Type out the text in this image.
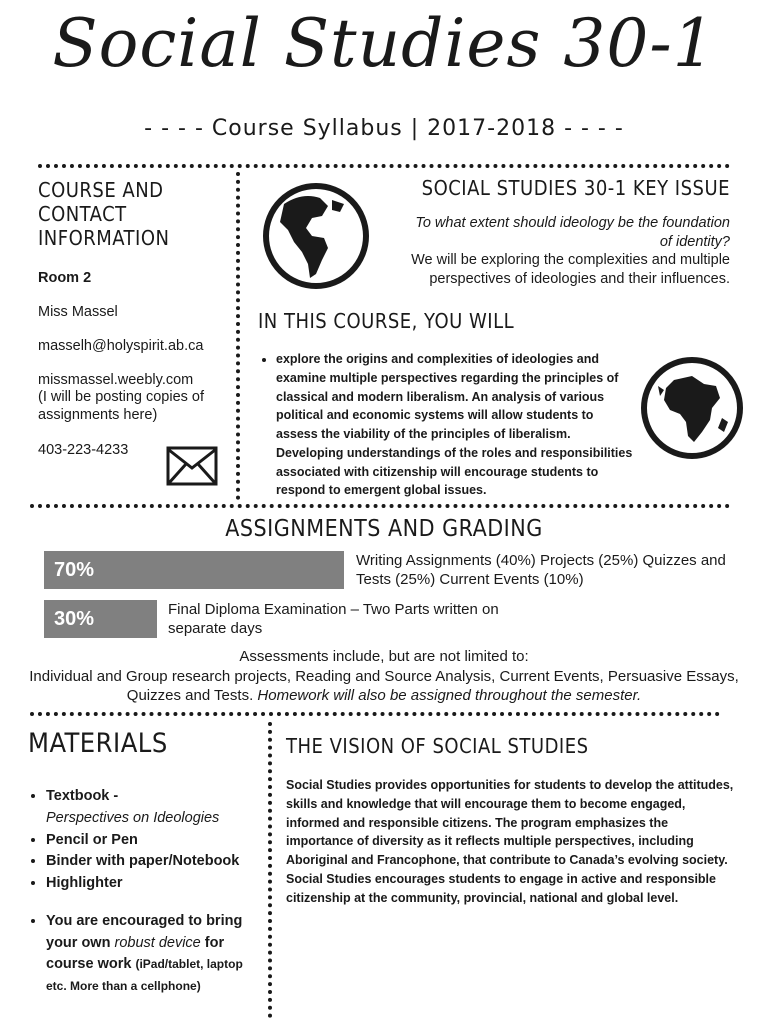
Social Studies 30-1
- - - - Course Syllabus | 2017-2018 - - - -
COURSE AND CONTACT INFORMATION
Room 2
Miss Massel
masselh@holyspirit.ab.ca
missmassel.weebly.com
(I will be posting copies of assignments here)
403-223-4233
SOCIAL STUDIES 30-1 KEY ISSUE
To what extent should ideology be the foundation of identity?
We will be exploring the complexities and multiple perspectives of ideologies and their influences.
IN THIS COURSE, YOU WILL
• explore the origins and complexities of ideologies and examine multiple perspectives regarding the principles of classical and modern liberalism. An analysis of various political and economic systems will allow students to assess the viability of the principles of liberalism. Developing understandings of the roles and responsibilities associated with citizenship will encourage students to respond to emergent global issues.
ASSIGNMENTS AND GRADING
70%	Writing Assignments (40%) Projects (25%) Quizzes and Tests (25%) Current Events (10%)
30%	Final Diploma Examination – Two Parts written on separate days
Assessments include, but are not limited to:
Individual and Group research projects, Reading and Source Analysis, Current Events, Persuasive Essays, Quizzes and Tests. Homework will also be assigned throughout the semester.
MATERIALS
• Textbook -
Perspectives on Ideologies
• Pencil or Pen
• Binder with paper/Notebook
• Highlighter
• You are encouraged to bring your own robust device for course work (iPad/tablet, laptop etc. More than a cellphone)
THE VISION OF SOCIAL STUDIES
Social Studies provides opportunities for students to develop the attitudes, skills and knowledge that will encourage them to become engaged, informed and responsible citizens. The program emphasizes the importance of diversity as it reflects multiple perspectives, including Aboriginal and Francophone, that contribute to Canada’s evolving society. Social Studies encourages students to engage in active and responsible citizenship at the community, provincial, national and global level.
